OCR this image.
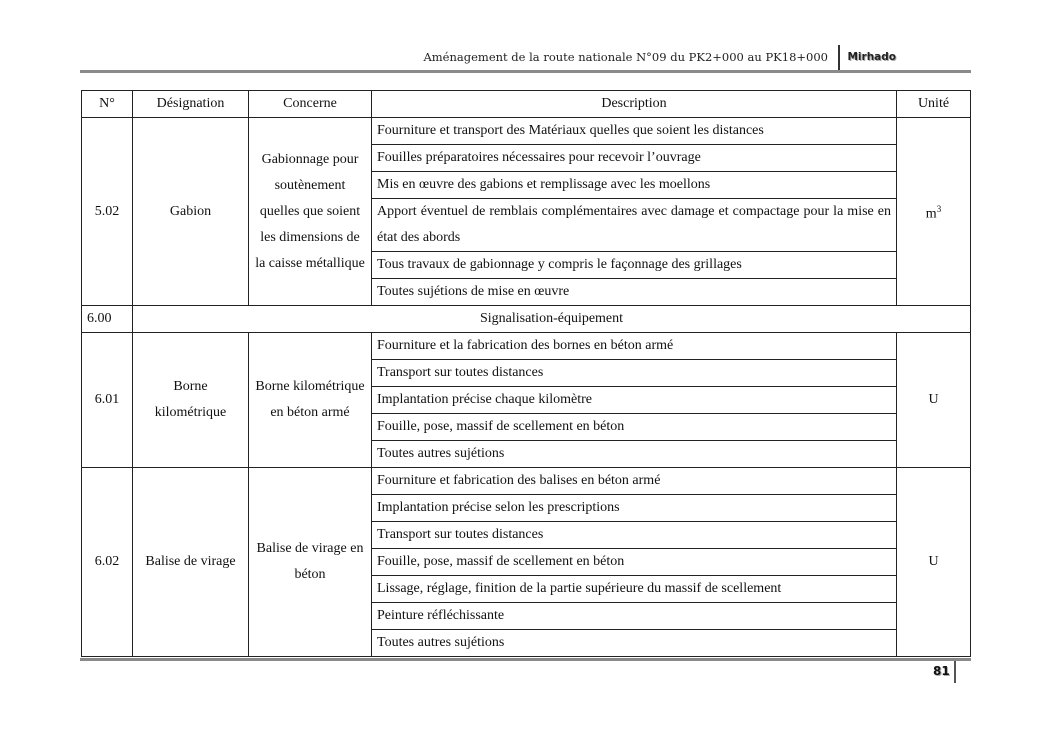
Aménagement de la route nationale N°09 du PK2+000 au PK18+000 Mirhado
N°	Désignation	Concerne	Description	Unité
5.02	Gabion	Gabionnage pour soutènement quelles que soient les dimensions de la caisse métallique	Fourniture et transport des Matériaux quelles que soient les distances	$m^3$
			Fouilles préparatoires nécessaires pour recevoir l’ouvrage	
			Mis en œuvre des gabions et remplissage avec les moellons	
			Apport éventuel de remblais complémentaires avec damage et compactage pour la mise en état des abords	
			Tous travaux de gabionnage y compris le façonnage des grillages	
			Toutes sujétions de mise en œuvre	
6.00	Signalisation-équipement			
6.01	Borne kilométrique	Borne kilométrique en béton armé	Fourniture et la fabrication des bornes en béton armé	U
			Transport sur toutes distances	
			Implantation précise chaque kilomètre	
			Fouille, pose, massif de scellement en béton	
			Toutes autres sujétions	
6.02	Balise de virage	Balise de virage en béton	Fourniture et fabrication des balises en béton armé	U
			Implantation précise selon les prescriptions	
			Transport sur toutes distances	
			Fouille, pose, massif de scellement en béton	
			Lissage, réglage, finition de la partie supérieure du massif de scellement	
			Peinture réfléchissante	
			Toutes autres sujétions	
81
